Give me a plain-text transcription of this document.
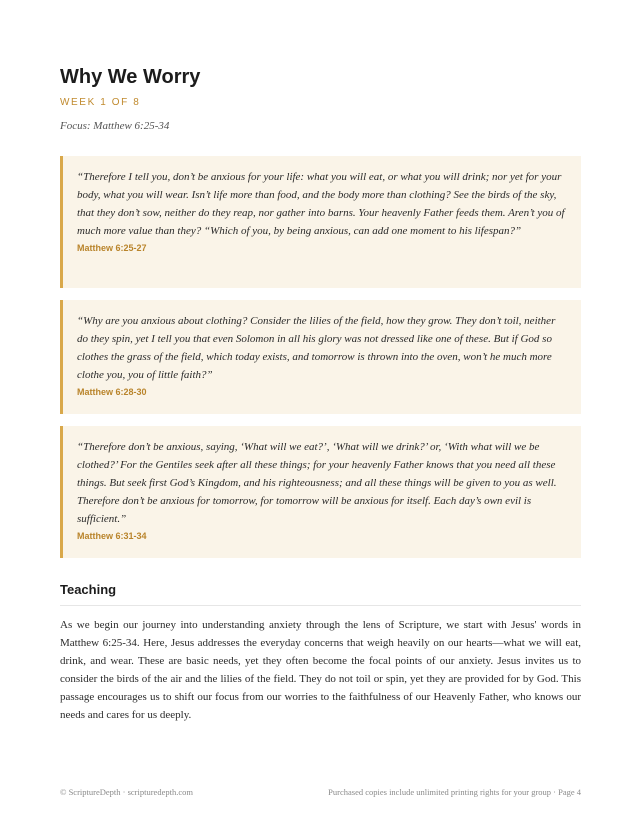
Why We Worry
WEEK 1 OF 8
Focus: Matthew 6:25-34
“Therefore I tell you, don’t be anxious for your life: what you will eat, or what you will drink; nor yet for your body, what you will wear. Isn’t life more than food, and the body more than clothing? See the birds of the sky, that they don’t sow, neither do they reap, nor gather into barns. Your heavenly Father feeds them. Aren’t you of much more value than they? “Which of you, by being anxious, can add one moment to his lifespan?”
Matthew 6:25-27
“Why are you anxious about clothing? Consider the lilies of the field, how they grow. They don’t toil, neither do they spin, yet I tell you that even Solomon in all his glory was not dressed like one of these. But if God so clothes the grass of the field, which today exists, and tomorrow is thrown into the oven, won’t he much more clothe you, you of little faith?”
Matthew 6:28-30
“Therefore don’t be anxious, saying, ‘What will we eat?’, ‘What will we drink?’ or, ‘With what will we be clothed?’ For the Gentiles seek after all these things; for your heavenly Father knows that you need all these things. But seek first God’s Kingdom, and his righteousness; and all these things will be given to you as well. Therefore don’t be anxious for tomorrow, for tomorrow will be anxious for itself. Each day’s own evil is sufficient.”
Matthew 6:31-34
Teaching

As we begin our journey into understanding anxiety through the lens of Scripture, we start with Jesus' words in Matthew 6:25-34. Here, Jesus addresses the everyday concerns that weigh heavily on our hearts—what we will eat, drink, and wear. These are basic needs, yet they often become the focal points of our anxiety. Jesus invites us to consider the birds of the air and the lilies of the field. They do not toil or spin, yet they are provided for by God. This passage encourages us to shift our focus from our worries to the faithfulness of our Heavenly Father, who knows our needs and cares for us deeply.

© ScriptureDepth · scripturedepth.com	Purchased copies include unlimited printing rights for your group · Page 4
